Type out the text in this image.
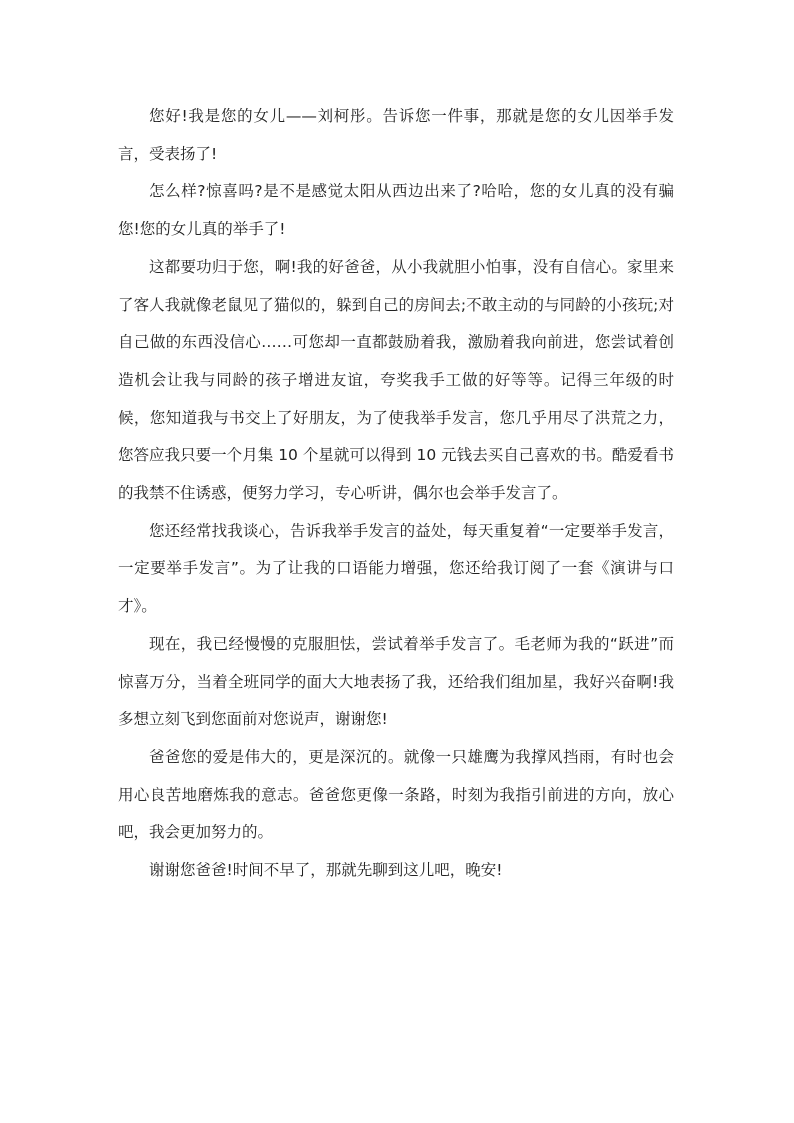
您好!我是您的女儿——刘柯彤。告诉您一件事，那就是您的女儿因举手发言，受表扬了!

怎么样?惊喜吗?是不是感觉太阳从西边出来了?哈哈，您的女儿真的没有骗您!您的女儿真的举手了!

这都要功归于您，啊!我的好爸爸，从小我就胆小怕事，没有自信心。家里来了客人我就像老鼠见了猫似的，躲到自己的房间去;不敢主动的与同龄的小孩玩;对自己做的东西没信心……可您却一直都鼓励着我，激励着我向前进，您尝试着创造机会让我与同龄的孩子增进友谊，夸奖我手工做的好等等。记得三年级的时候，您知道我与书交上了好朋友，为了使我举手发言，您几乎用尽了洪荒之力，您答应我只要一个月集 10 个星就可以得到 10 元钱去买自己喜欢的书。酷爱看书的我禁不住诱惑，便努力学习，专心听讲，偶尔也会举手发言了。

您还经常找我谈心，告诉我举手发言的益处，每天重复着“一定要举手发言，一定要举手发言”。为了让我的口语能力增强，您还给我订阅了一套《演讲与口才》。

现在，我已经慢慢的克服胆怯，尝试着举手发言了。毛老师为我的“跃进”而惊喜万分，当着全班同学的面大大地表扬了我，还给我们组加星，我好兴奋啊!我多想立刻飞到您面前对您说声，谢谢您!

爸爸您的爱是伟大的，更是深沉的。就像一只雄鹰为我撑风挡雨，有时也会用心良苦地磨炼我的意志。爸爸您更像一条路，时刻为我指引前进的方向，放心吧，我会更加努力的。

谢谢您爸爸!时间不早了，那就先聊到这儿吧，晚安!
